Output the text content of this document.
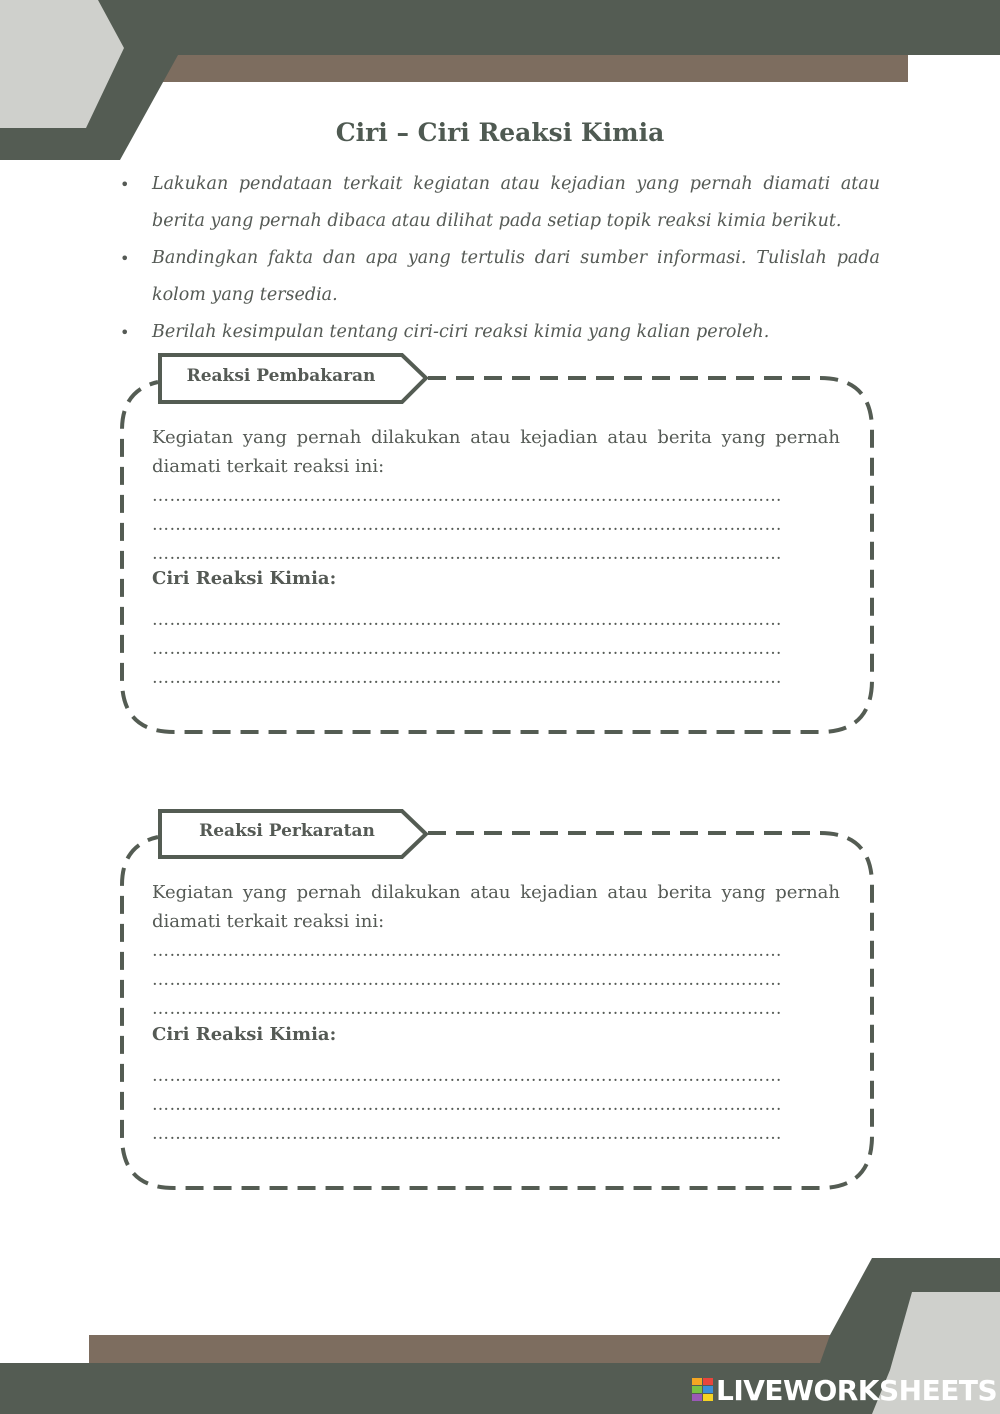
Ciri – Ciri Reaksi Kimia
• Lakukan pendataan terkait kegiatan atau kejadian yang pernah diamati atau berita yang pernah dibaca atau dilihat pada setiap topik reaksi kimia berikut.
• Bandingkan fakta dan apa yang tertulis dari sumber informasi. Tulislah pada kolom yang tersedia.
• Berilah kesimpulan tentang ciri-ciri reaksi kimia yang kalian peroleh.
Reaksi Pembakaran
Kegiatan yang pernah dilakukan atau kejadian atau berita yang pernah diamati terkait reaksi ini:
………………………………………………………………………………………………
………………………………………………………………………………………………
………………………………………………………………………………………………
Ciri Reaksi Kimia:
………………………………………………………………………………………………
………………………………………………………………………………………………
………………………………………………………………………………………………
Reaksi Perkaratan
Kegiatan yang pernah dilakukan atau kejadian atau berita yang pernah diamati terkait reaksi ini:
………………………………………………………………………………………………
………………………………………………………………………………………………
………………………………………………………………………………………………
Ciri Reaksi Kimia:
………………………………………………………………………………………………
………………………………………………………………………………………………
………………………………………………………………………………………………
LIVEWORKSHEETS
